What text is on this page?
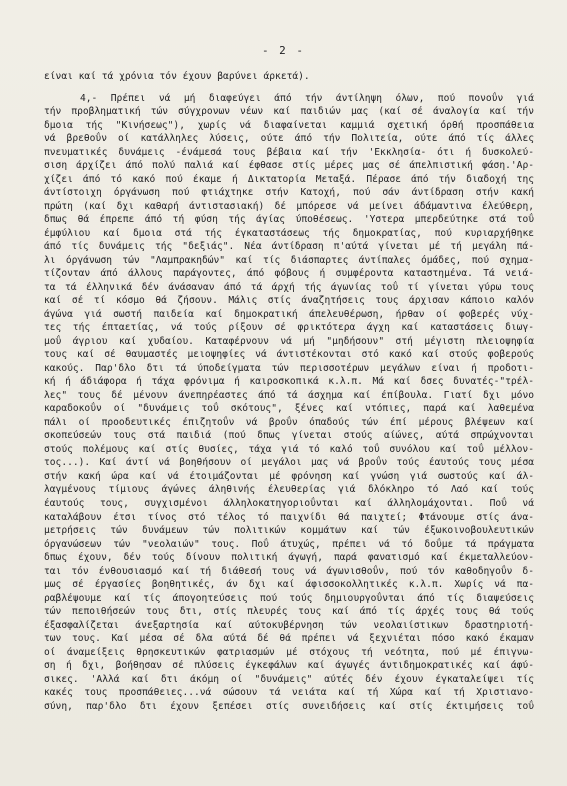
- 2 -
είναι καί τά χρόνια τόν έχουν βαρύνει άρκετά).
4,- Πρέπει νά μή διαφεύγει άπό τήν άντίληψη όλων, πού πονοΰν γιά
τήν προβληματική τών σύγχρονων νέων καί παιδιών μας (καί σέ άναλογία καί τήν
δμοια τής "Κινήσεως"), χωρίς νά διαφαίνεται καμμιά σχετική όρθή προσπάθεια
νά βρεθοΰν οί κατάλληλες λύσεις, ούτε άπό τήν Πολιτεία, ούτε άπό τίς άλλες
πνευματικές δυνάμεις -ένάμεσά τους βέβαια καί τήν 'Εκκλησία- ότι ή δυσκολεύ-
σιση άρχίζει άπό πολύ παλιά καί έφθασε στίς μέρες μας σέ άπελπιστική φάση.'Αρ-
χίζει άπό τό κακό πού έκαμε ή Δικτατορία Μεταξά. Πέρασε άπό τήν διαδοχή της
άντίστοιχη όργάνωση πού φτιάχτηκε στήν Κατοχή, πού σάν άντίδραση στήν κακή
πρώτη (καί δχι καθαρή άντιστασιακή) δέ μπόρεσε νά μείνει άδάμαντινα έλεύθερη,
δπως θά έπρεπε άπό τή φύση τής άγίας ύποθέσεως. 'Υστερα μπερδεύτηκε στά τοΰ
έμφύλιου καί δμοια στά τής έγκαταστάσεως τής δημοκρατίας, πού κυριαρχήθηκε
άπό τίς δυνάμεις τής "δεξιάς". Νέα άντίδραση π'αύτά γίνεται μέ τή μεγάλη πά-
λι όργάνωση τών "Λαμπρακηδών" καί τίς διάσπαρτες άντίπαλες όμάδες, πού σχημα-
τίζονταν άπό άλλους παράγοντες, άπό φόβους ή συμφέροντα καταστημένα. Τά νειά-
τα τά έλληνικά δέν άνάσαναν άπό τά άρχή τής άγωνίας τοΰ τί γίνεται γύρω τους
καί σέ τί κόσμο θά ζήσουν. Μάλις στίς άναζητήσεις τους άρχισαν κάποιο καλόν
άγώνα γιά σωστή παιδεία καί δημοκρατική άπελευθέρωση, ήρθαν οί φοβερές νύχ-
τες τής έπταετίας, νά τούς ρίξουν σέ φρικτότερα άγχη καί καταστάσεις διωγ-
μοΰ άγριου καί χυδαίου. Καταφέρνουν νά μή "μηδήσουν" στή μέγιστη πλειοψηφία
τους καί σέ θαυμαστές μειοψηφίες νά άντιστέκονται στό κακό καί στούς φοβερούς
κακούς. Παρ'δλο δτι τά ύποδείγματα τών περισσοτέρων μεγάλων είναι ή προδοτι-
κή ή άδιάφορα ή τάχα φρόνιμα ή καιροσκοπικά κ.λ.π. Μά καί δσες δυνατές-"τρέλ-
λες" τους δέ μένουν άνεπηρέαστες άπό τά άσχημα καί έπίβουλα. Γιατί δχι μόνο
καραδοκοΰν οί "δυνάμεις τοΰ σκότους", ξένες καί ντόπιες, παρά καί λαθεμένα
πάλι οί προοδευτικές έπιζητοΰν νά βροΰν όπαδούς τών έπί μέρους βλέψεων καί
σκοπεύσεών τους στά παιδιά (πού δπως γίνεται στούς αίώνες, αύτά σπρώχνονται
στούς πολέμους καί στίς θυσίες, τάχα γιά τό καλό τοΰ συνόλου καί τοΰ μέλλον-
τος...). Καί άντί νά βοηθήσουν οί μεγάλοι μας νά βροΰν τούς έαυτούς τους μέσα
στήν κακή ώρα καί νά έτοιμάζονται μέ φρόνηση καί γνώση γιά σωστούς καί άλ-
λαγμένους τίμιους άγώνες άληθινής έλευθερίας γιά δλόκληρο τό Λαό καί τούς
έαυτούς τους, συγχισμένοι άλληλοκατηγοριοΰνται καί άλληλομάχονται. Ποΰ νά
καταλάβουν έτσι τίνος στό τέλος τό παιχνίδι θά παιχτεί; Φτάνουμε στίς άνα-
μετρήσεις τών δυνάμεων τών πολιτικών κομμάτων καί τών έξωκοινοβουλευτικών
όργανώσεων τών "νεολαιών" τους. Ποΰ άτυχώς, πρέπει νά τό δοΰμε τά πράγματα
δπως έχουν, δέν τούς δίνουν πολιτική άγωγή, παρά φανατισμό καί έκμεταλλεύον-
ται τόν ένθουσιασμό καί τή διάθεσή τους νά άγωνισθοΰν, πού τόν καθοδηγοΰν δ-
μως σέ έργασίες βοηθητικές, άν δχι καί άφισσοκολλητικές κ.λ.π. Χωρίς νά πα-
ραβλέψουμε καί τίς άπογοητεύσεις πού τούς δημιουργοΰνται άπό τίς διαψεύσεις
τών πεποιθήσεών τους δτι, στίς πλευρές τους καί άπό τίς άρχές τους θά τούς
έξασφαλίζεται άνεξαρτησία καί αύτοκυβέρνηση τών νεολαιίστικων δραστηριοτή-
των τους. Καί μέσα σέ δλα αύτά δέ θά πρέπει νά ξεχνιέται πόσο κακό έκαμαν
οί άναμείξεις θρησκευτικών φατριασμών μέ στόχους τή νεότητα, πού μέ έπιγνω-
ση ή δχι, βοήθησαν σέ πλύσεις έγκεφάλων καί άγωγές άντιδημοκρατικές καί άφύ-
σικες. 'Αλλά καί δτι άκόμη οί "δυνάμεις" αύτές δέν έχουν έγκαταλείψει τίς
κακές τους προσπάθειες...νά σώσουν τά νειάτα καί τή Χώρα καί τή Χριστιανο-
σύνη, παρ'δλο δτι έχουν ξεπέσει στίς συνειδήσεις καί στίς έκτιμήσεις τοΰ
